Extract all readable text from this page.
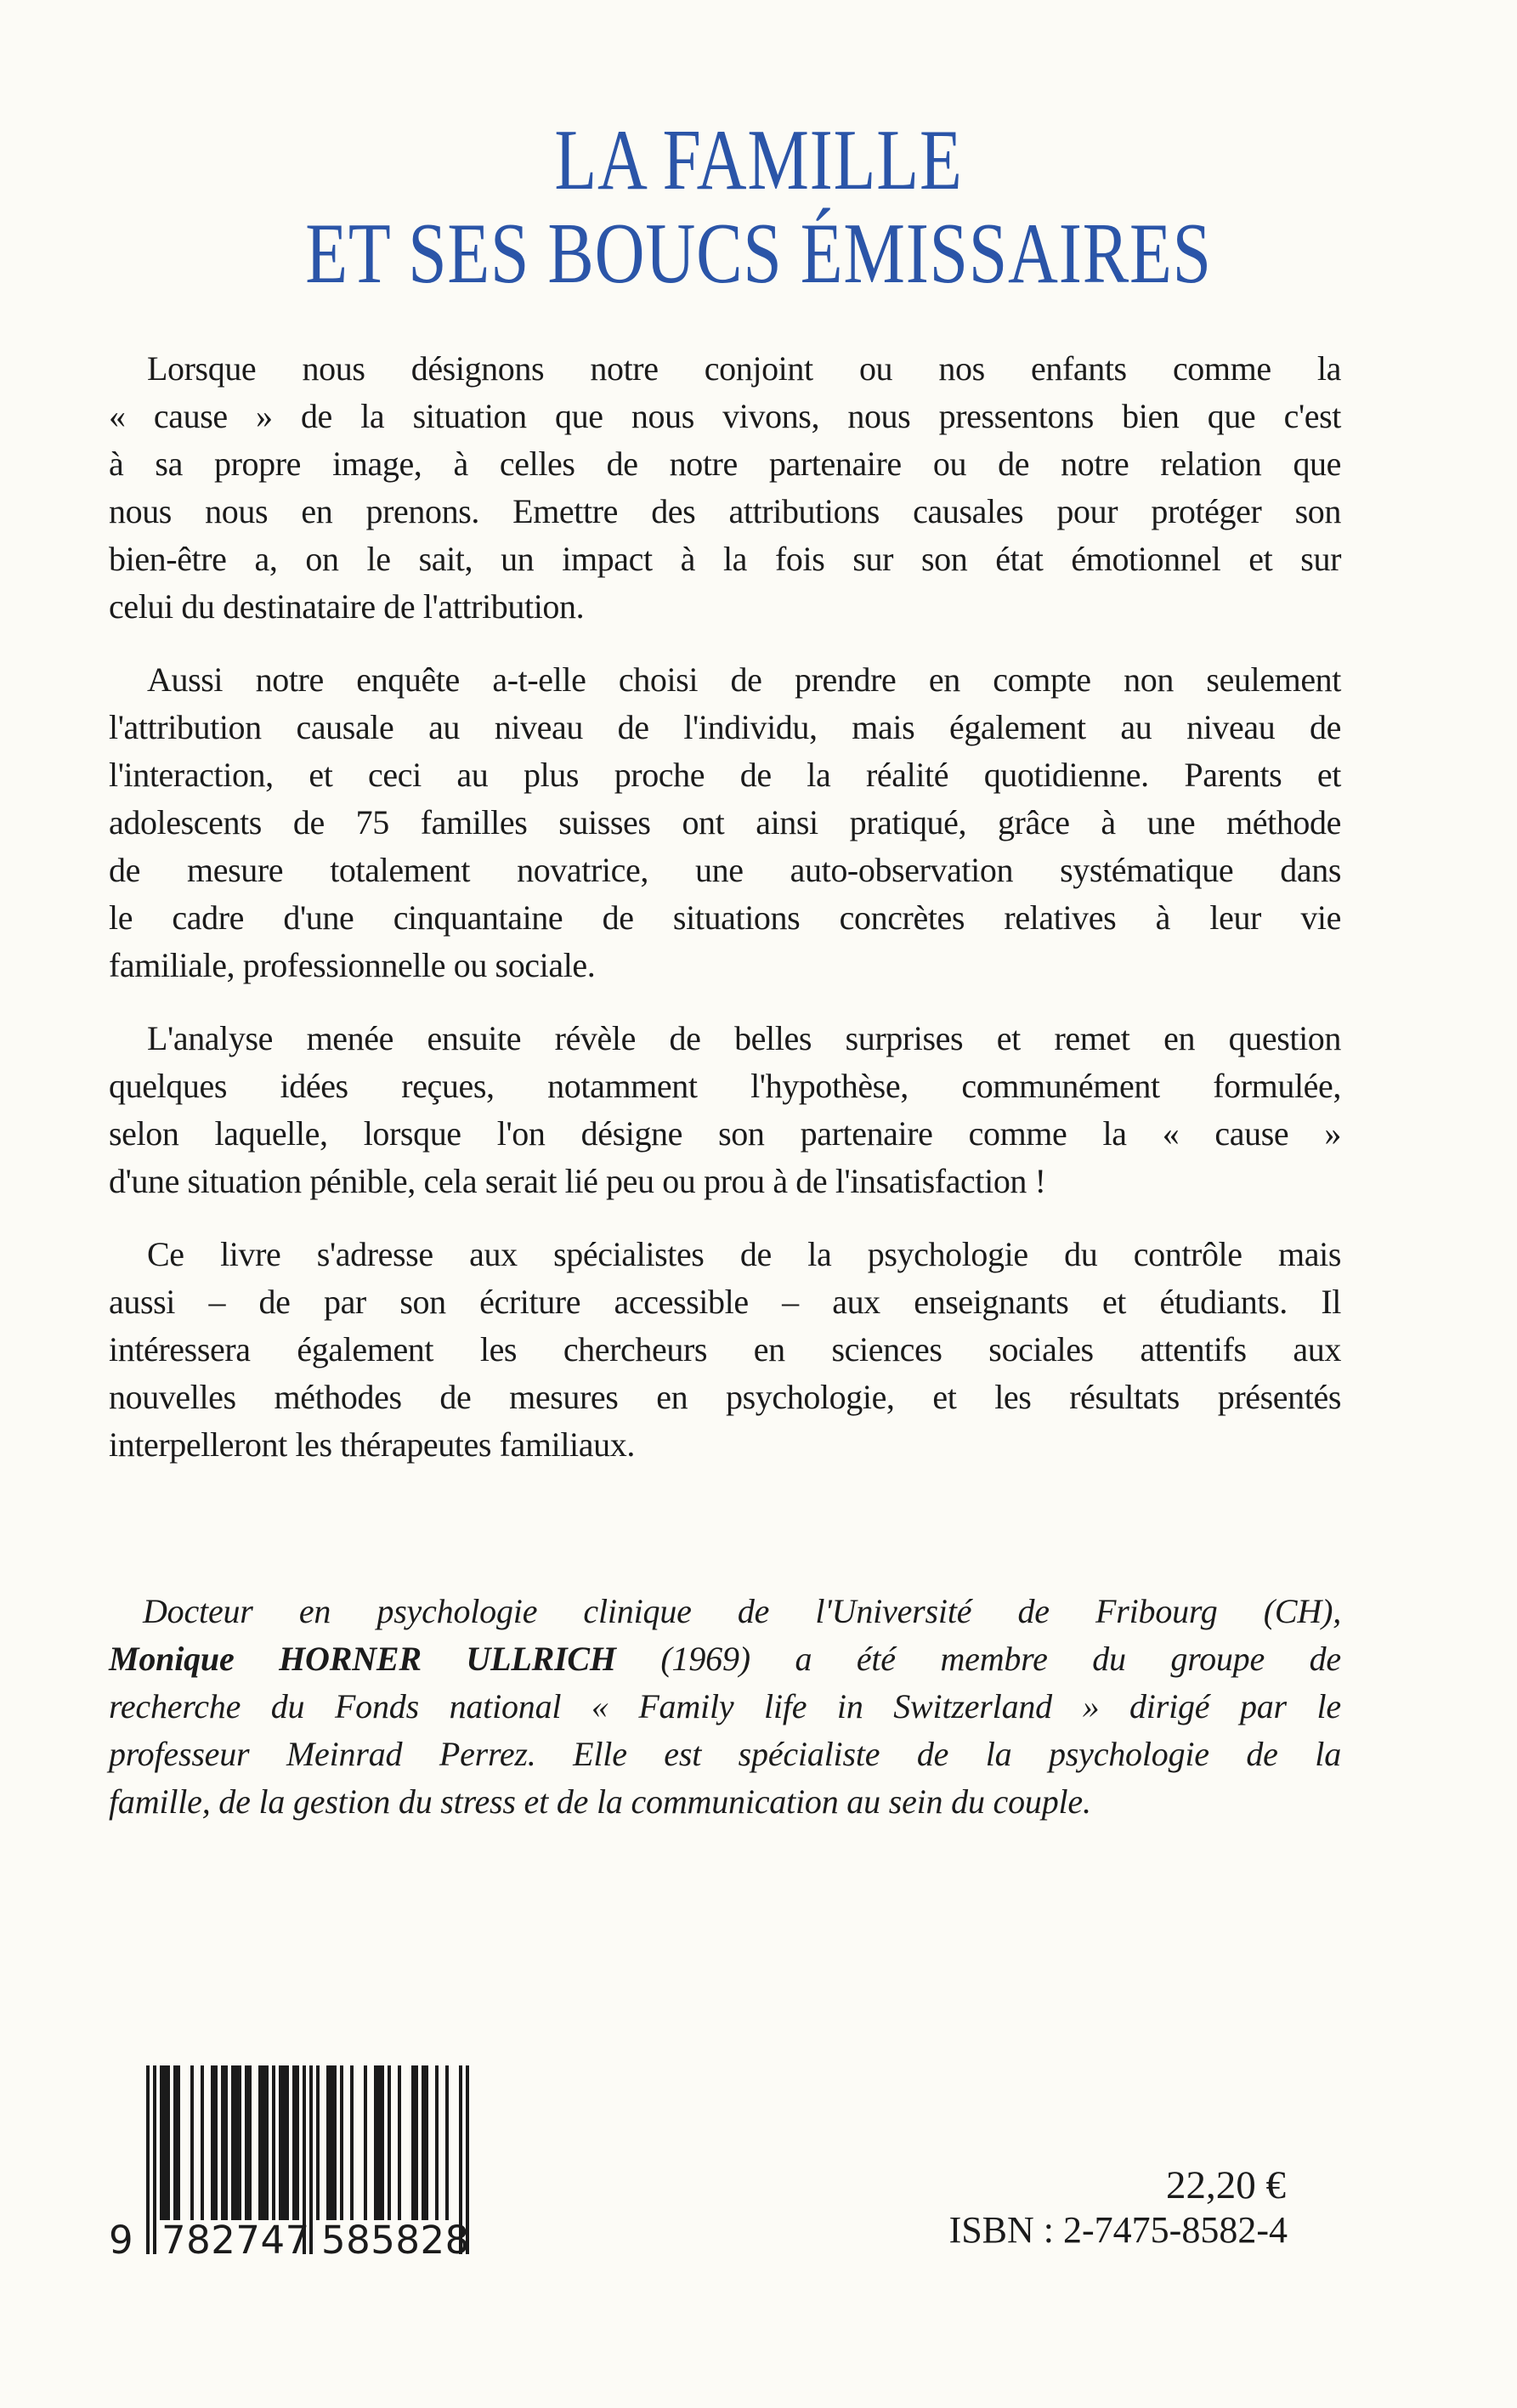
LA FAMILLE
ET SES BOUCS ÉMISSAIRES
Lorsque nous désignons notre conjoint ou nos enfants comme la
« cause » de la situation que nous vivons, nous pressentons bien que c'est
à sa propre image, à celles de notre partenaire ou de notre relation que
nous nous en prenons. Emettre des attributions causales pour protéger son
bien-être a, on le sait, un impact à la fois sur son état émotionnel et sur
celui du destinataire de l'attribution.
Aussi notre enquête a-t-elle choisi de prendre en compte non seulement
l'attribution causale au niveau de l'individu, mais également au niveau de
l'interaction, et ceci au plus proche de la réalité quotidienne. Parents et
adolescents de 75 familles suisses ont ainsi pratiqué, grâce à une méthode
de mesure totalement novatrice, une auto-observation systématique dans
le cadre d'une cinquantaine de situations concrètes relatives à leur vie
familiale, professionnelle ou sociale.
L'analyse menée ensuite révèle de belles surprises et remet en question
quelques idées reçues, notamment l'hypothèse, communément formulée,
selon laquelle, lorsque l'on désigne son partenaire comme la « cause »
d'une situation pénible, cela serait lié peu ou prou à de l'insatisfaction !
Ce livre s'adresse aux spécialistes de la psychologie du contrôle mais
aussi – de par son écriture accessible – aux enseignants et étudiants. Il
intéressera également les chercheurs en sciences sociales attentifs aux
nouvelles méthodes de mesures en psychologie, et les résultats présentés
interpelleront les thérapeutes familiaux.
Docteur en psychologie clinique de l'Université de Fribourg (CH),
Monique HORNER ULLRICH (1969) a été membre du groupe de
recherche du Fonds national « Family life in Switzerland » dirigé par le
professeur Meinrad Perrez. Elle est spécialiste de la psychologie de la
famille, de la gestion du stress et de la communication au sein du couple.
9 782747 585828
22,20 €
ISBN : 2-7475-8582-4
